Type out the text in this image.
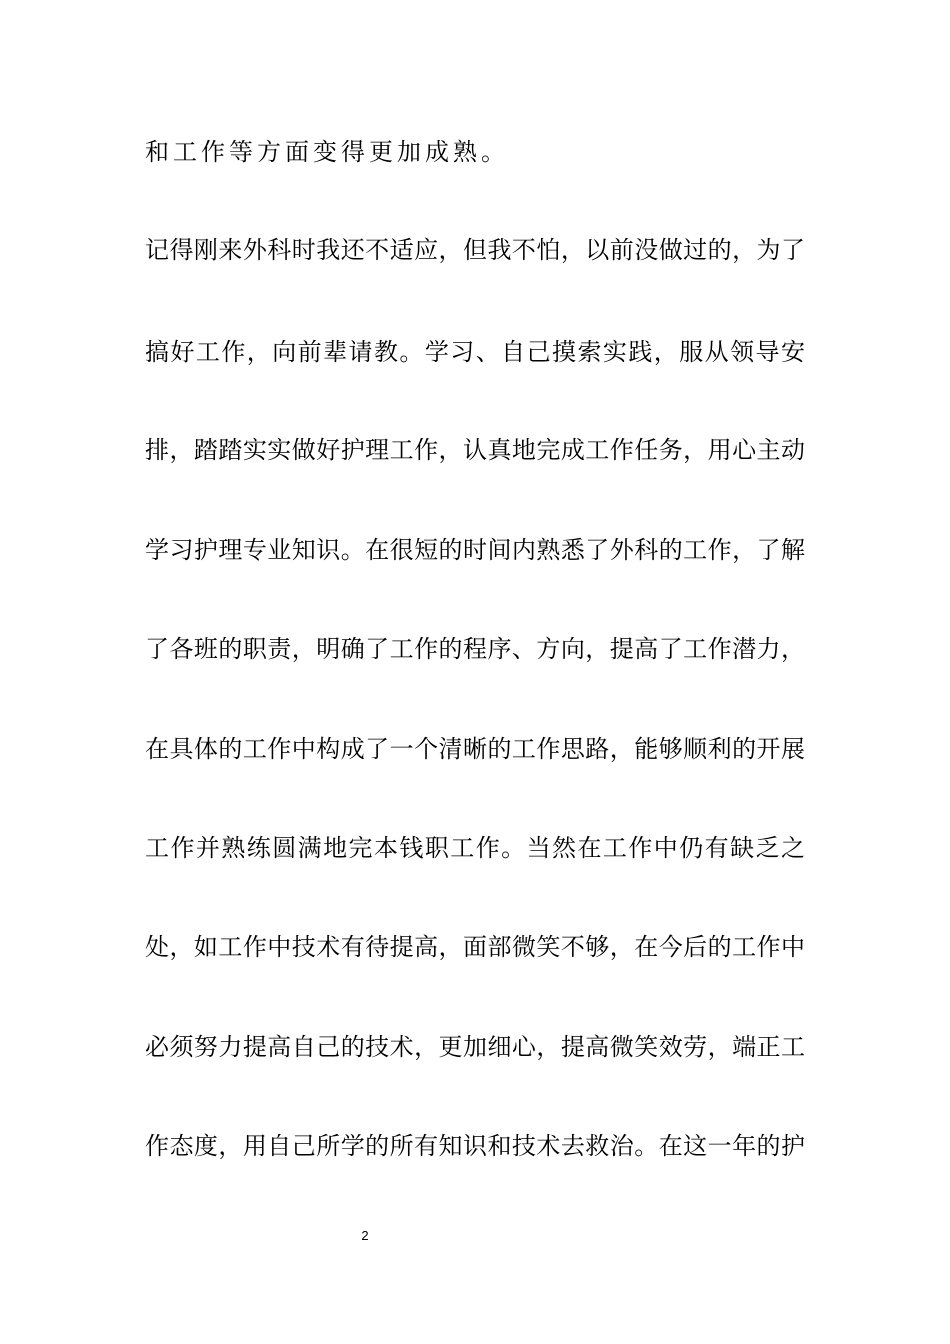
和工作等方面变得更加成熟。
记得刚来外科时我还不适应，但我不怕，以前没做过的，为了
搞好工作，向前辈请教。学习、自己摸索实践，服从领导安
排，踏踏实实做好护理工作，认真地完成工作任务，用心主动
学习护理专业知识。在很短的时间内熟悉了外科的工作，了解
了各班的职责，明确了工作的程序、方向，提高了工作潜力，
在具体的工作中构成了一个清晰的工作思路，能够顺利的开展
工作并熟练圆满地完本钱职工作。当然在工作中仍有缺乏之
处，如工作中技术有待提高，面部微笑不够，在今后的工作中
必须努力提高自己的技术，更加细心，提高微笑效劳，端正工
作态度，用自己所学的所有知识和技术去救治。在这一年的护
2
